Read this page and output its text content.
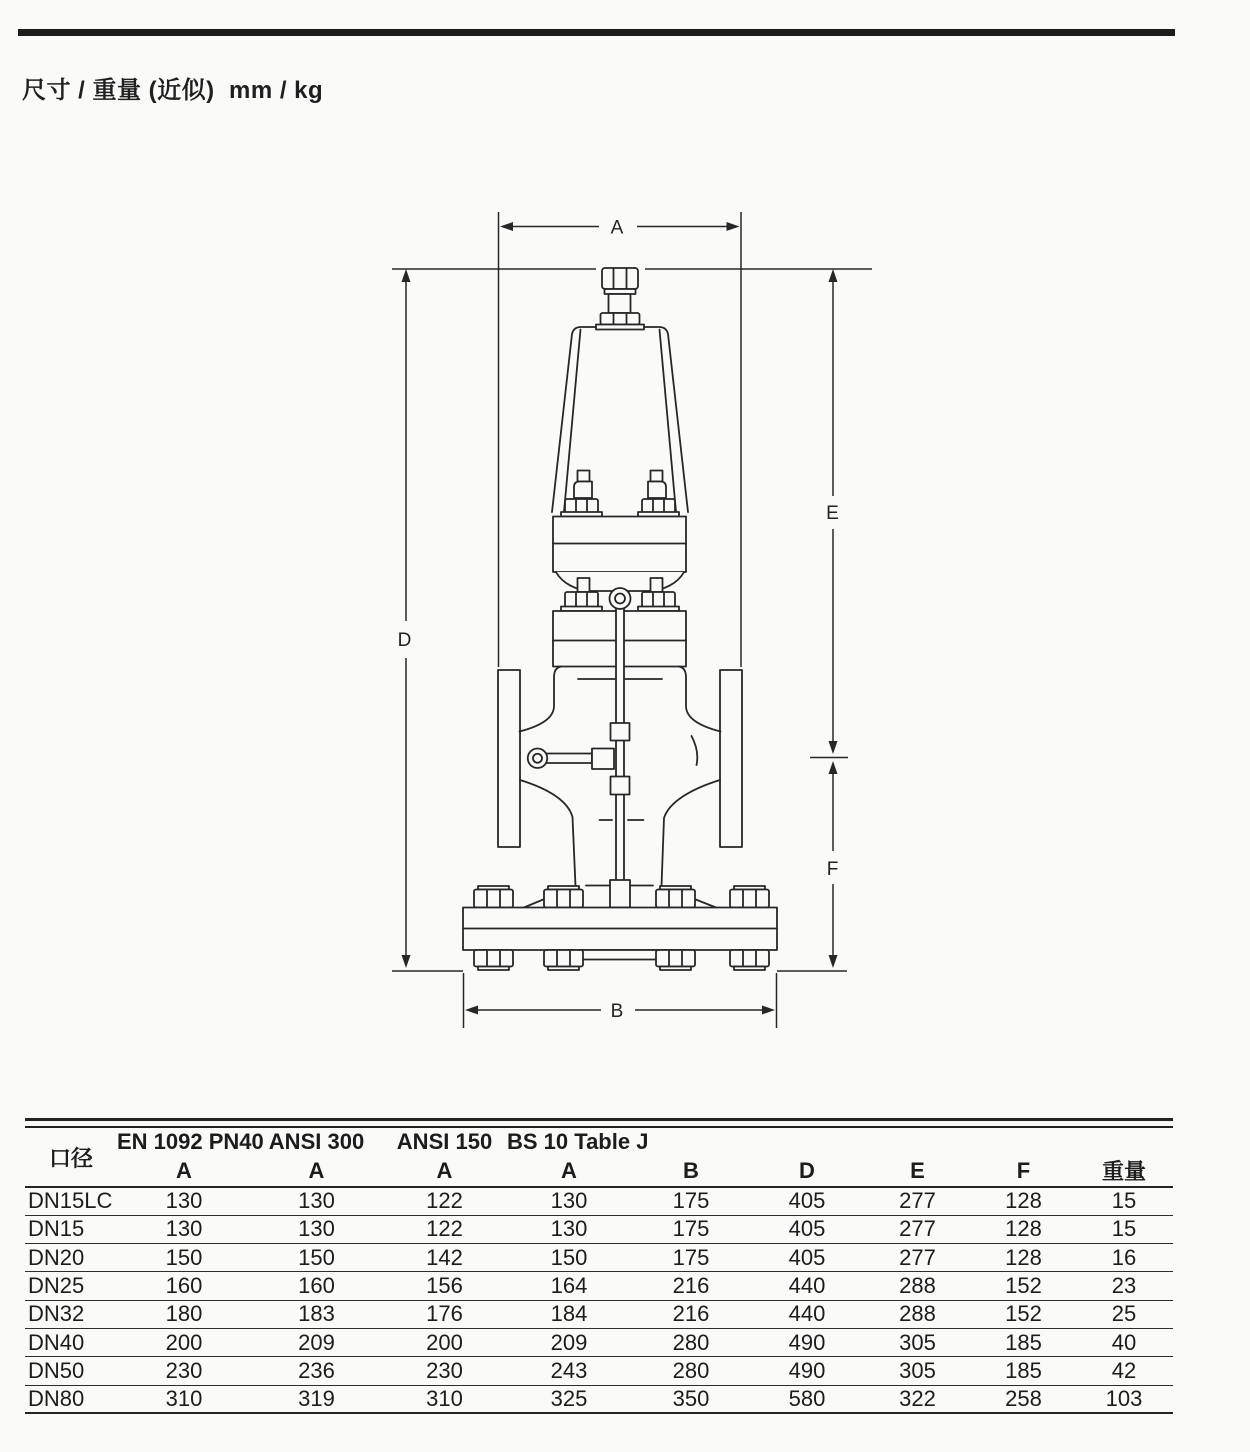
尺寸 / 重量 (近似)  mm / kg
A
D
E
F
B
口径	EN 1092 PN40	ANSI 300	ANSI 150	BS 10 Table J					
	A	A	A	A	B	D	E	F	重量
DN15LC	130	130	122	130	175	405	277	128	15
DN15	130	130	122	130	175	405	277	128	15
DN20	150	150	142	150	175	405	277	128	16
DN25	160	160	156	164	216	440	288	152	23
DN32	180	183	176	184	216	440	288	152	25
DN40	200	209	200	209	280	490	305	185	40
DN50	230	236	230	243	280	490	305	185	42
DN80	310	319	310	325	350	580	322	258	103
